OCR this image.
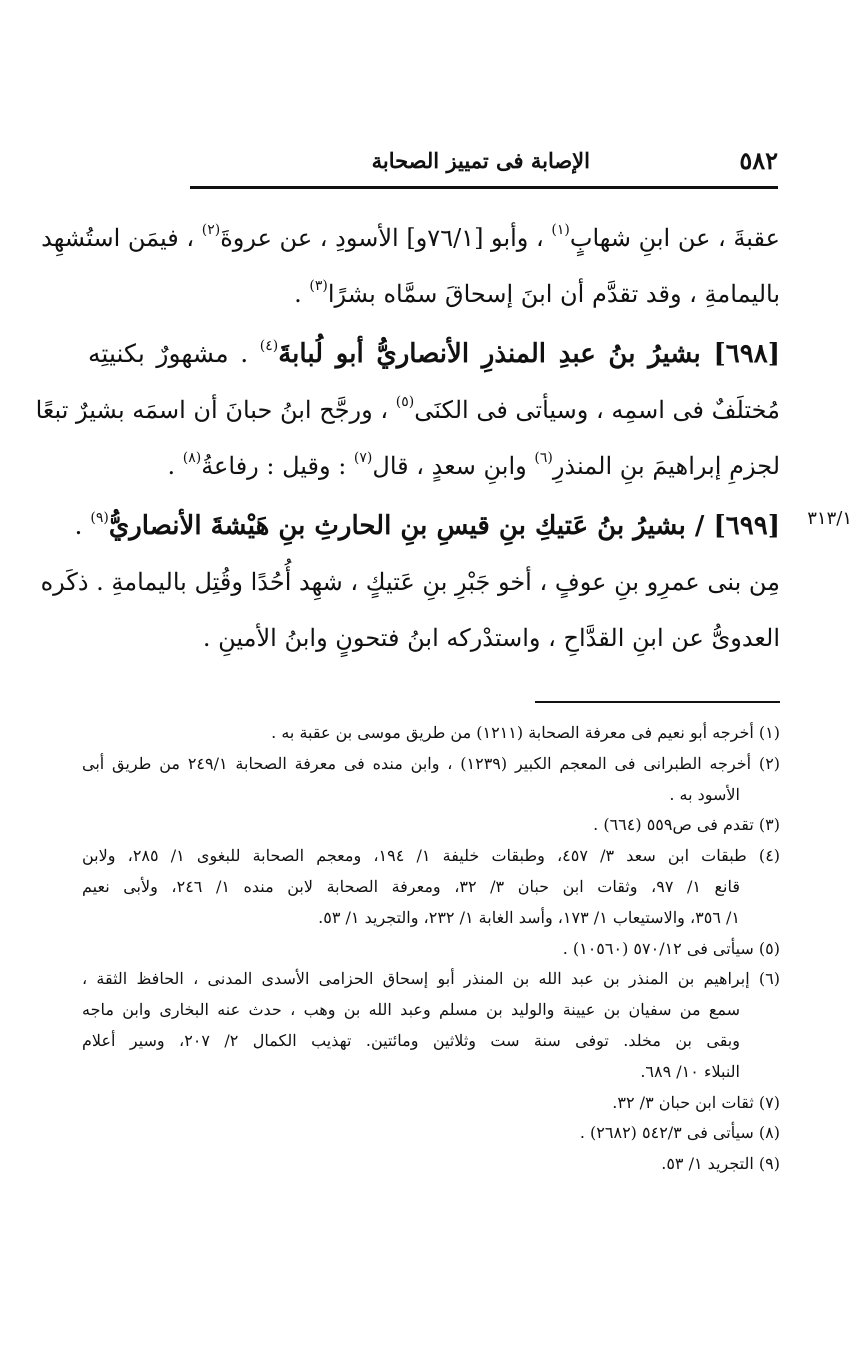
٥٨٢
الإصابة فى تمييز الصحابة
عقبةَ ، عن ابنِ شهابٍ$^{(١)}$ ، وأبو [٧٦/١و] الأسودِ ، عن عروةَ$^{(٢)}$ ، فيمَن استُشهِد
باليمامةِ ، وقد تقدَّم أن ابنَ إسحاقَ سمَّاه بشرًا$^{(٣)}$ .
[٦٩٨] بشيرُ بنُ عبدِ المنذرِ الأنصاريُّ أبو لُبابةَ$^{(٤)}$ . مشهورٌ بكنيتِه
مُختلَفٌ فى اسمِه ، وسيأتى فى الكنَى$^{(٥)}$ ، ورجَّح ابنُ حبانَ أن اسمَه بشيرٌ تبعًا
لجزمِ إبراهيمَ بنِ المنذرِ$^{(٦)}$ وابنِ سعدٍ ، قال$^{(٧)}$ : وقيل : رفاعةُ$^{(٨)}$ .
[٦٩٩] / بشيرُ بنُ عَتيكِ بنِ قيسِ بنِ الحارثِ بنِ هَيْشةَ الأنصاريُّ$^{(٩)}$ .
مِن بنى عمرِو بنِ عوفٍ ، أخو جَبْرِ بنِ عَتيكٍ ، شهِد أُحُدًا وقُتِل باليمامةِ . ذكَره
العدوىُّ عن ابنِ القدَّاحِ ، واستدْركه ابنُ فتحونٍ وابنُ الأمينِ .
٣١٣/١
(١) أخرجه أبو نعيم فى معرفة الصحابة (١٢١١) من طريق موسى بن عقبة به .
(٢) أخرجه الطبرانى فى المعجم الكبير (١٢٣٩) ، وابن منده فى معرفة الصحابة ٢٤٩/١ من طريق أبى
الأسود به .
(٣) تقدم فى ص٥٥٩ (٦٦٤) .
(٤) طبقات ابن سعد ٣/ ٤٥٧، وطبقات خليفة ١/ ١٩٤، ومعجم الصحابة للبغوى ١/ ٢٨٥، ولابن
قانع ١/ ٩٧، وثقات ابن حبان ٣/ ٣٢، ومعرفة الصحابة لابن منده ١/ ٢٤٦، ولأبى نعيم
١/ ٣٥٦، والاستيعاب ١/ ١٧٣، وأسد الغابة ١/ ٢٣٢، والتجريد ١/ ٥٣.
(٥) سيأتى فى ٥٧٠/١٢ (١٠٥٦٠) .
(٦) إبراهيم بن المنذر بن عبد الله بن المنذر أبو إسحاق الحزامى الأسدى المدنى ، الحافظ الثقة ،
سمع من سفيان بن عيينة والوليد بن مسلم وعبد الله بن وهب ، حدث عنه البخارى وابن ماجه
وبقى بن مخلد. توفى سنة ست وثلاثين ومائتين. تهذيب الكمال ٢/ ٢٠٧، وسير أعلام
النبلاء ١٠/ ٦٨٩.
(٧) ثقات ابن حبان ٣/ ٣٢.
(٨) سيأتى فى ٥٤٢/٣ (٢٦٨٢) .
(٩) التجريد ١/ ٥٣.
